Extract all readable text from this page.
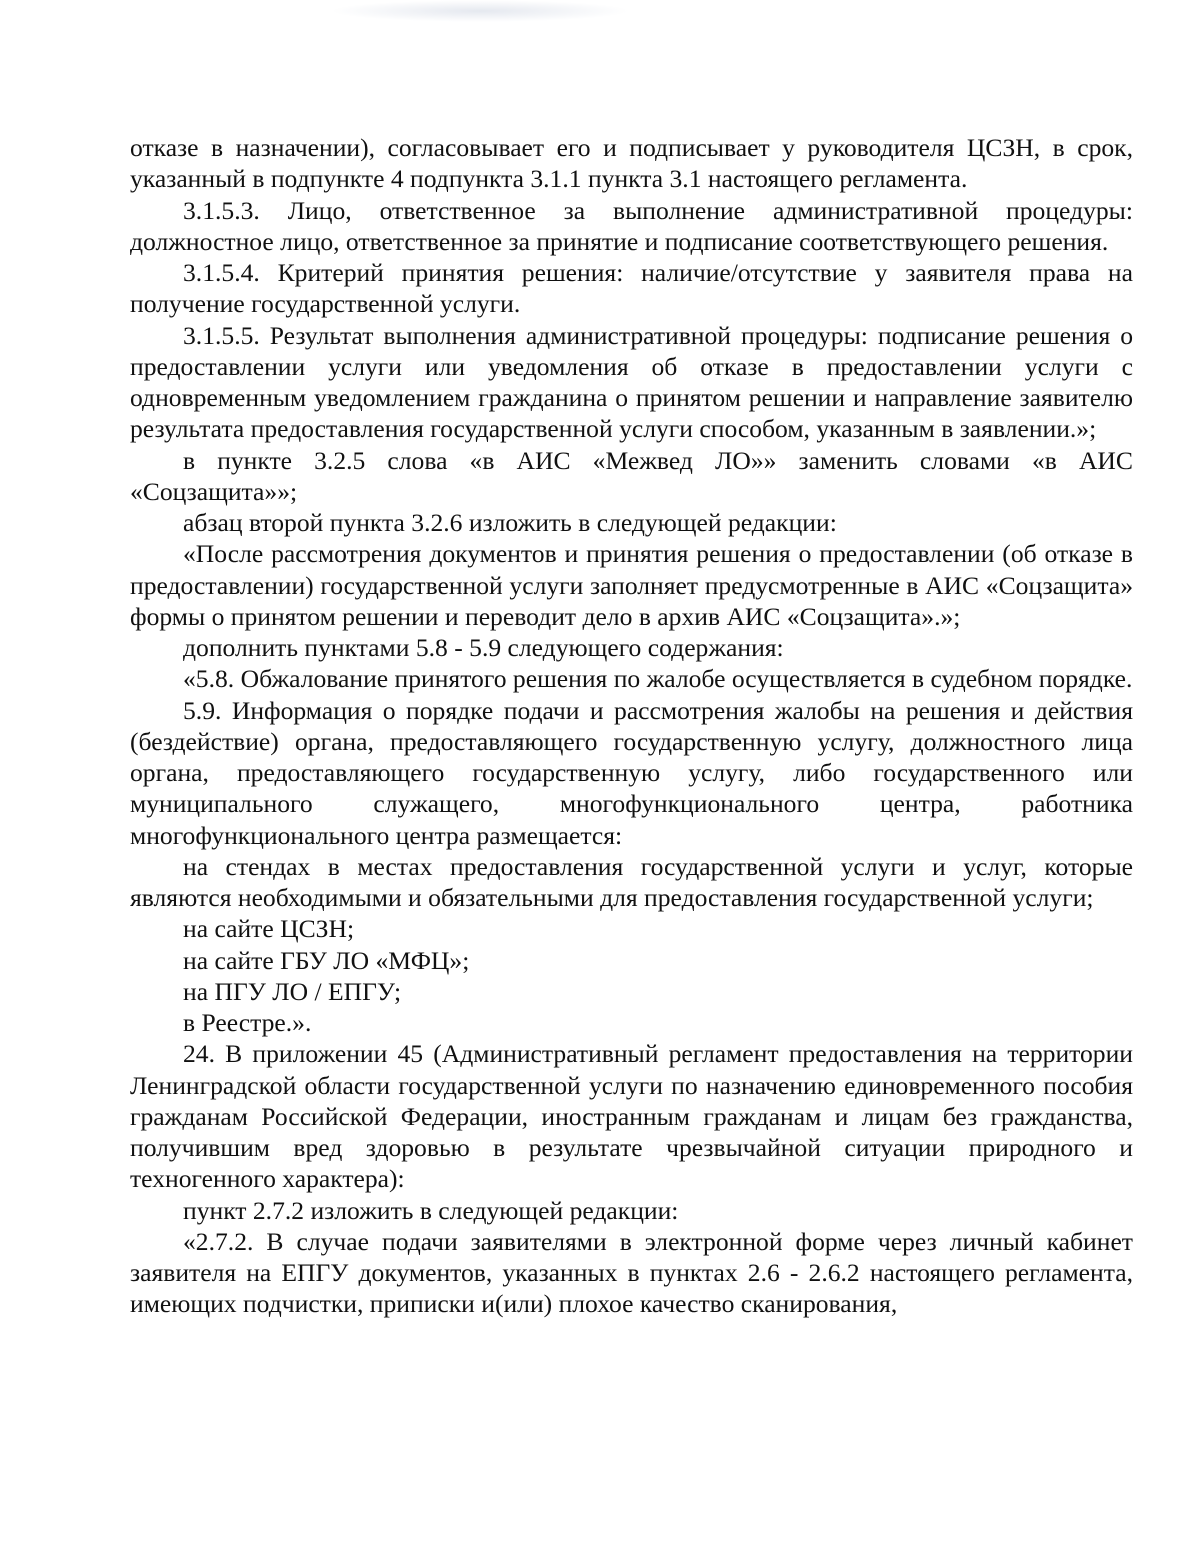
отказе в назначении), согласовывает его и подписывает у руководителя ЦСЗН, в срок, указанный в подпункте 4 подпункта 3.1.1 пункта 3.1 настоящего регламента.

3.1.5.3. Лицо, ответственное за выполнение административной процедуры: должностное лицо, ответственное за принятие и подписание соответствующего решения.

3.1.5.4. Критерий принятия решения: наличие/отсутствие у заявителя права на получение государственной услуги.

3.1.5.5. Результат выполнения административной процедуры: подписание решения о предоставлении услуги или уведомления об отказе в предоставлении услуги с одновременным уведомлением гражданина о принятом решении и направление заявителю результата предоставления государственной услуги способом, указанным в заявлении.»;

в пункте 3.2.5 слова «в АИС «Межвед ЛО»» заменить словами «в АИС «Соцзащита»»;

абзац второй пункта 3.2.6 изложить в следующей редакции:

«После рассмотрения документов и принятия решения о предоставлении (об отказе в предоставлении) государственной услуги заполняет предусмотренные в АИС «Соцзащита» формы о принятом решении и переводит дело в архив АИС «Соцзащита».»;

дополнить пунктами 5.8 - 5.9 следующего содержания:

«5.8. Обжалование принятого решения по жалобе осуществляется в судебном порядке.

5.9. Информация о порядке подачи и рассмотрения жалобы на решения и действия (бездействие) органа, предоставляющего государственную услугу, должностного лица органа, предоставляющего государственную услугу, либо государственного или муниципального служащего, многофункционального центра, работника многофункционального центра размещается:

на стендах в местах предоставления государственной услуги и услуг, которые являются необходимыми и обязательными для предоставления государственной услуги;

на сайте ЦСЗН;

на сайте ГБУ ЛО «МФЦ»;

на ПГУ ЛО / ЕПГУ;

в Реестре.».

24. В приложении 45 (Административный регламент предоставления на территории Ленинградской области государственной услуги по назначению единовременного пособия гражданам Российской Федерации, иностранным гражданам и лицам без гражданства, получившим вред здоровью в результате чрезвычайной ситуации природного и техногенного характера):

пункт 2.7.2 изложить в следующей редакции:

«2.7.2. В случае подачи заявителями в электронной форме через личный кабинет заявителя на ЕПГУ документов, указанных в пунктах 2.6 - 2.6.2 настоящего регламента, имеющих подчистки, приписки и(или) плохое качество сканирования,
